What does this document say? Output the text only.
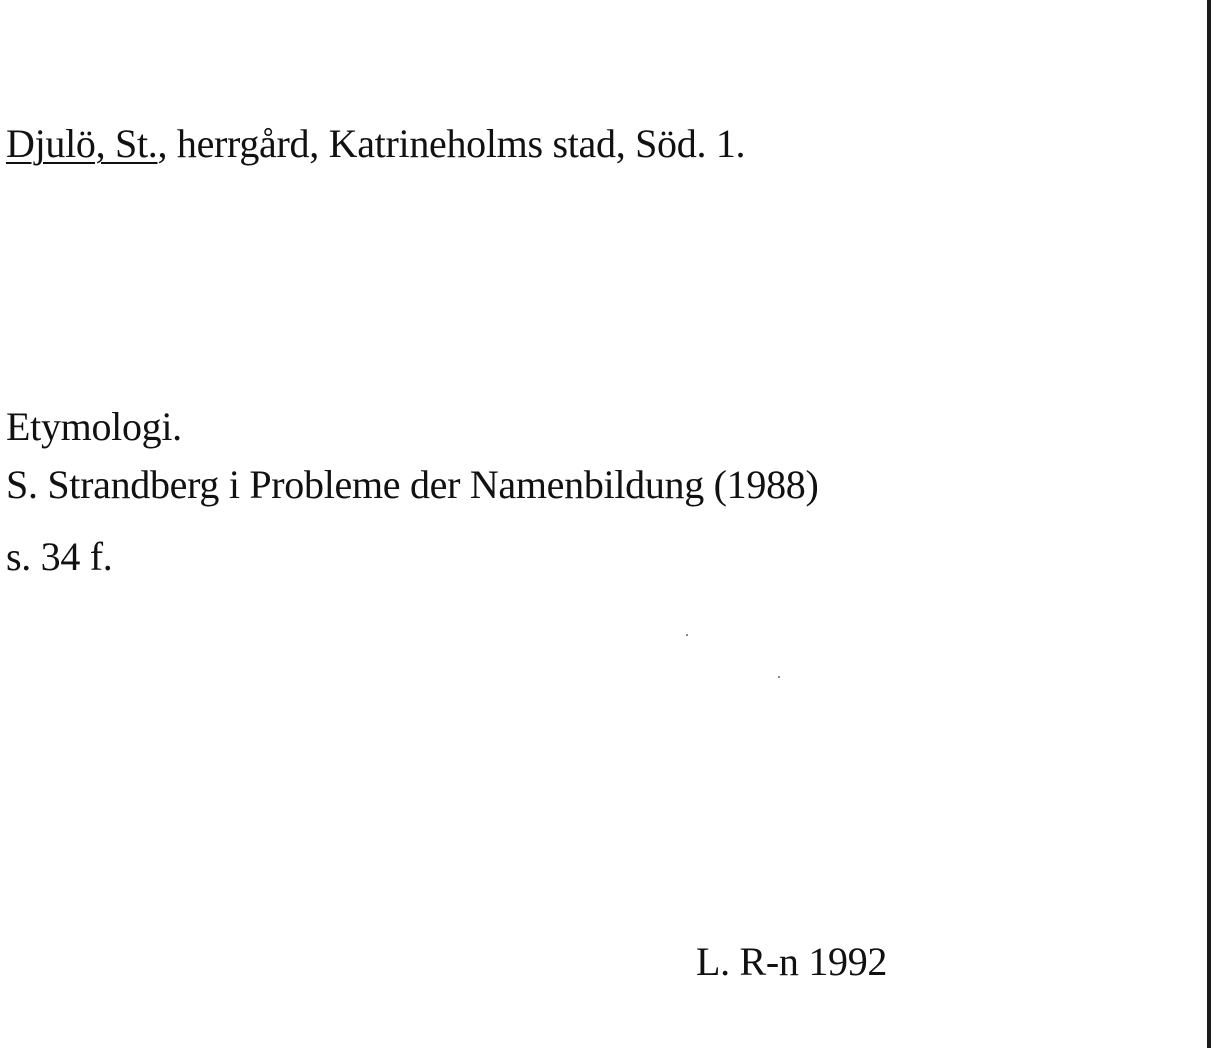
Djulö, St., herrgård, Katrineholms stad, Söd. 1.
Etymologi.
S. Strandberg i Probleme der Namenbildung (1988)
s. 34 f.
L. R-n 1992
